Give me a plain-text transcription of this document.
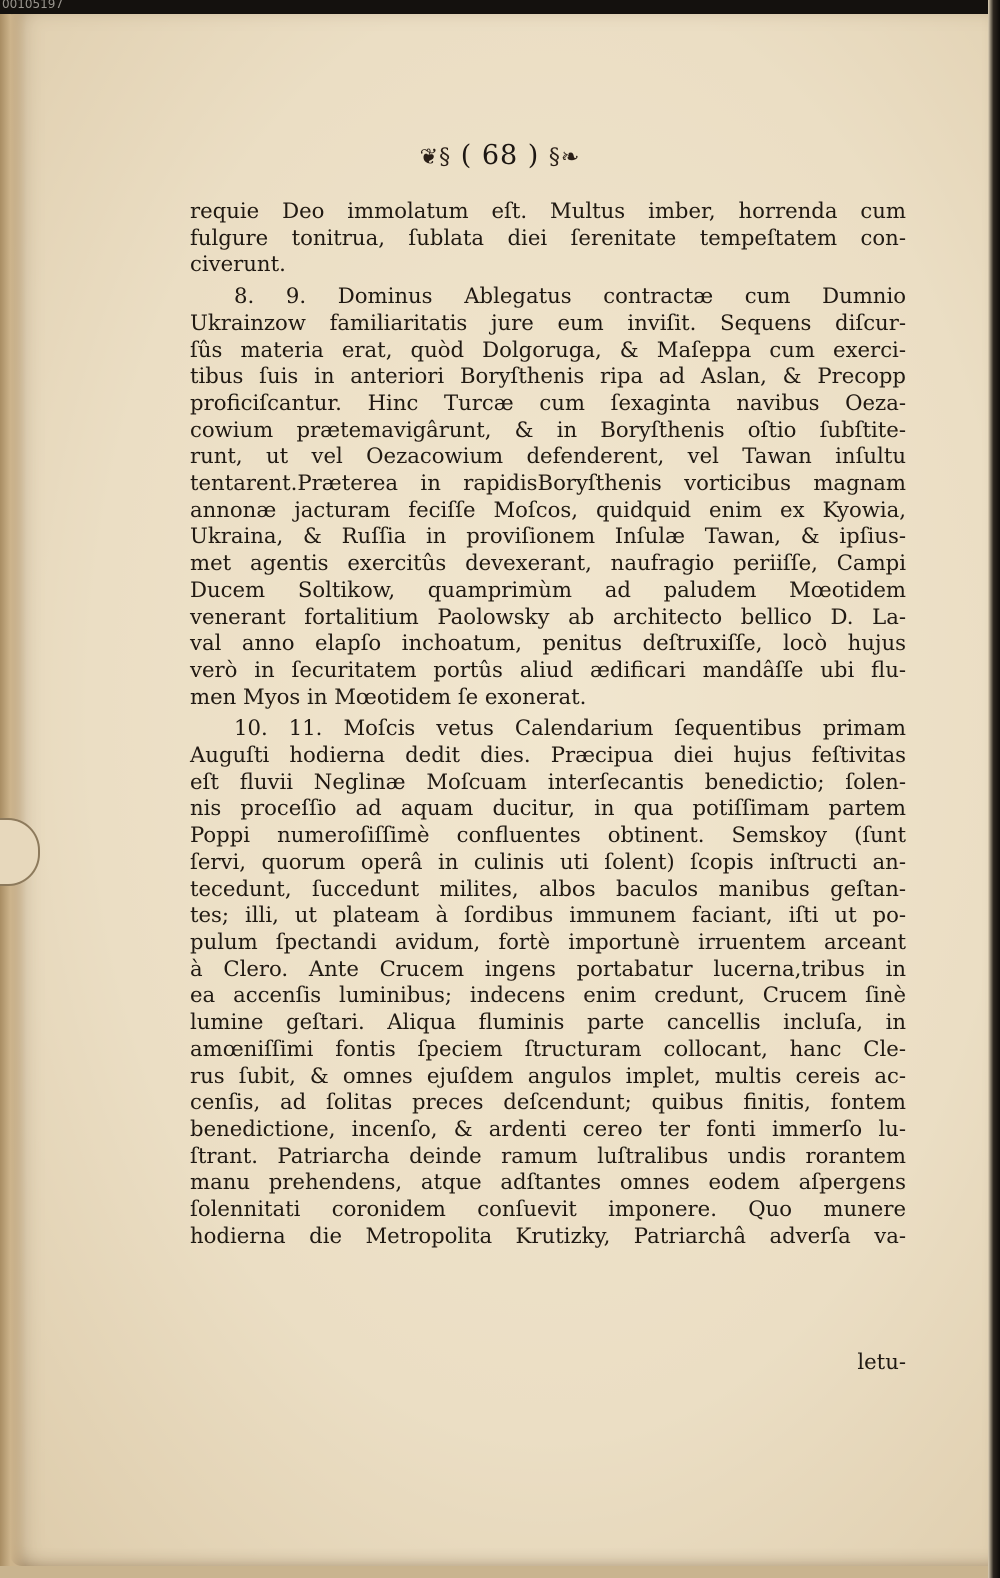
00105197
❦§ ( 68 ) §❧
requie Deo immolatum eſt. Multus imber, horrenda cum
fulgure tonitrua, ſublata diei ſerenitate tempeſtatem con-
civerunt.
8. 9. Dominus Ablegatus contractæ cum Dumnio
Ukrainzow familiaritatis jure eum inviſit. Sequens diſcur-
ſûs materia erat, quòd Dolgoruga, & Maſeppa cum exerci-
tibus ſuis in anteriori Boryſthenis ripa ad Aslan, & Precopp
proficiſcantur. Hinc Turcæ cum ſexaginta navibus Oeza-
cowium prætemavigârunt, & in Boryſthenis oſtio ſubſtite-
runt, ut vel Oezacowium defenderent, vel Tawan inſultu
tentarent.Præterea in rapidisBoryſthenis vorticibus magnam
annonæ jacturam feciſſe Moſcos, quidquid enim ex Kyowia,
Ukraina, & Ruſſia in proviſionem Inſulæ Tawan, & ipſius-
met agentis exercitûs devexerant, naufragio periiſſe, Campi
Ducem Soltikow, quamprimùm ad paludem Mœotidem
venerant fortalitium Paolowsky ab architecto bellico D. La-
val anno elapſo inchoatum, penitus deſtruxiſſe, locò hujus
verò in ſecuritatem portûs aliud ædificari mandâſſe ubi flu-
men Myos in Mœotidem ſe exonerat.
10. 11. Moſcis vetus Calendarium ſequentibus primam
Auguſti hodierna dedit dies. Præcipua diei hujus feſtivitas
eſt fluvii Neglinæ Moſcuam interſecantis benedictio; ſolen-
nis proceſſio ad aquam ducitur, in qua potiſſimam partem
Poppi numeroſiſſimè confluentes obtinent. Semskoy (ſunt
ſervi, quorum operâ in culinis uti ſolent) ſcopis inſtructi an-
tecedunt, ſuccedunt milites, albos baculos manibus geſtan-
tes; illi, ut plateam à ſordibus immunem faciant, iſti ut po-
pulum ſpectandi avidum, fortè importunè irruentem arceant
à Clero. Ante Crucem ingens portabatur lucerna,tribus in
ea accenſis luminibus; indecens enim credunt, Crucem ſinè
lumine geſtari. Aliqua fluminis parte cancellis incluſa, in
amœniſſimi fontis ſpeciem ſtructuram collocant, hanc Cle-
rus ſubit, & omnes ejuſdem angulos implet, multis cereis ac-
cenſis, ad ſolitas preces deſcendunt; quibus finitis, fontem
benedictione, incenſo, & ardenti cereo ter fonti immerſo lu-
ſtrant. Patriarcha deinde ramum luſtralibus undis rorantem
manu prehendens, atque adſtantes omnes eodem aſpergens
ſolennitati coronidem conſuevit imponere. Quo munere
hodierna die Metropolita Krutizky, Patriarchâ adverſa va-
letu-
